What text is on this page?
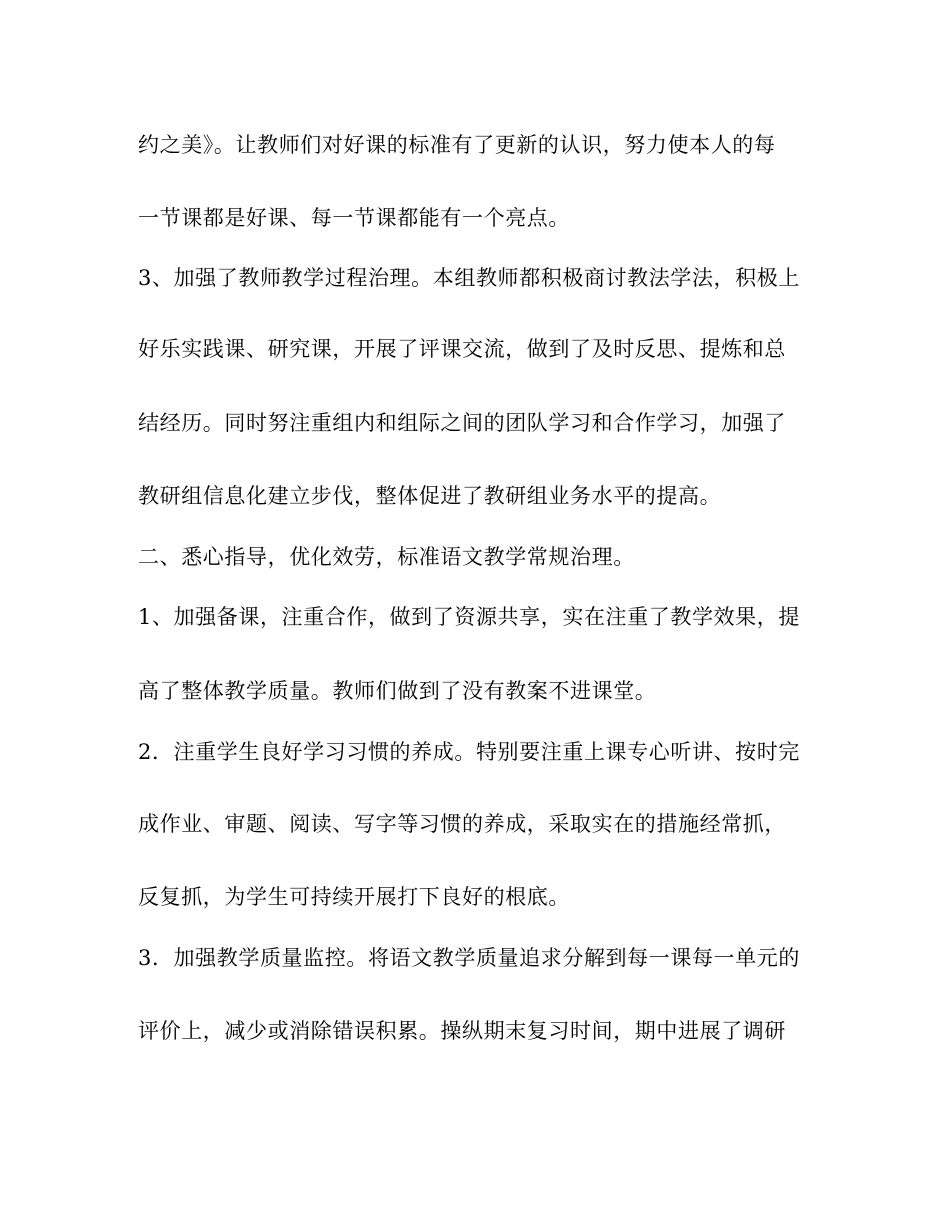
约之美》。让教师们对好课的标准有了更新的认识，努力使本人的每
一节课都是好课、每一节课都能有一个亮点。
3、加强了教师教学过程治理。本组教师都积极商讨教法学法，积极上
好乐实践课、研究课，开展了评课交流，做到了及时反思、提炼和总
结经历。同时努注重组内和组际之间的团队学习和合作学习，加强了
教研组信息化建立步伐，整体促进了教研组业务水平的提高。
二、悉心指导，优化效劳，标准语文教学常规治理。
1、加强备课，注重合作，做到了资源共享，实在注重了教学效果，提
高了整体教学质量。教师们做到了没有教案不进课堂。
2．注重学生良好学习习惯的养成。特别要注重上课专心听讲、按时完
成作业、审题、阅读、写字等习惯的养成，采取实在的措施经常抓，
反复抓，为学生可持续开展打下良好的根底。
3．加强教学质量监控。将语文教学质量追求分解到每一课每一单元的
评价上，减少或消除错误积累。操纵期末复习时间，期中进展了调研
